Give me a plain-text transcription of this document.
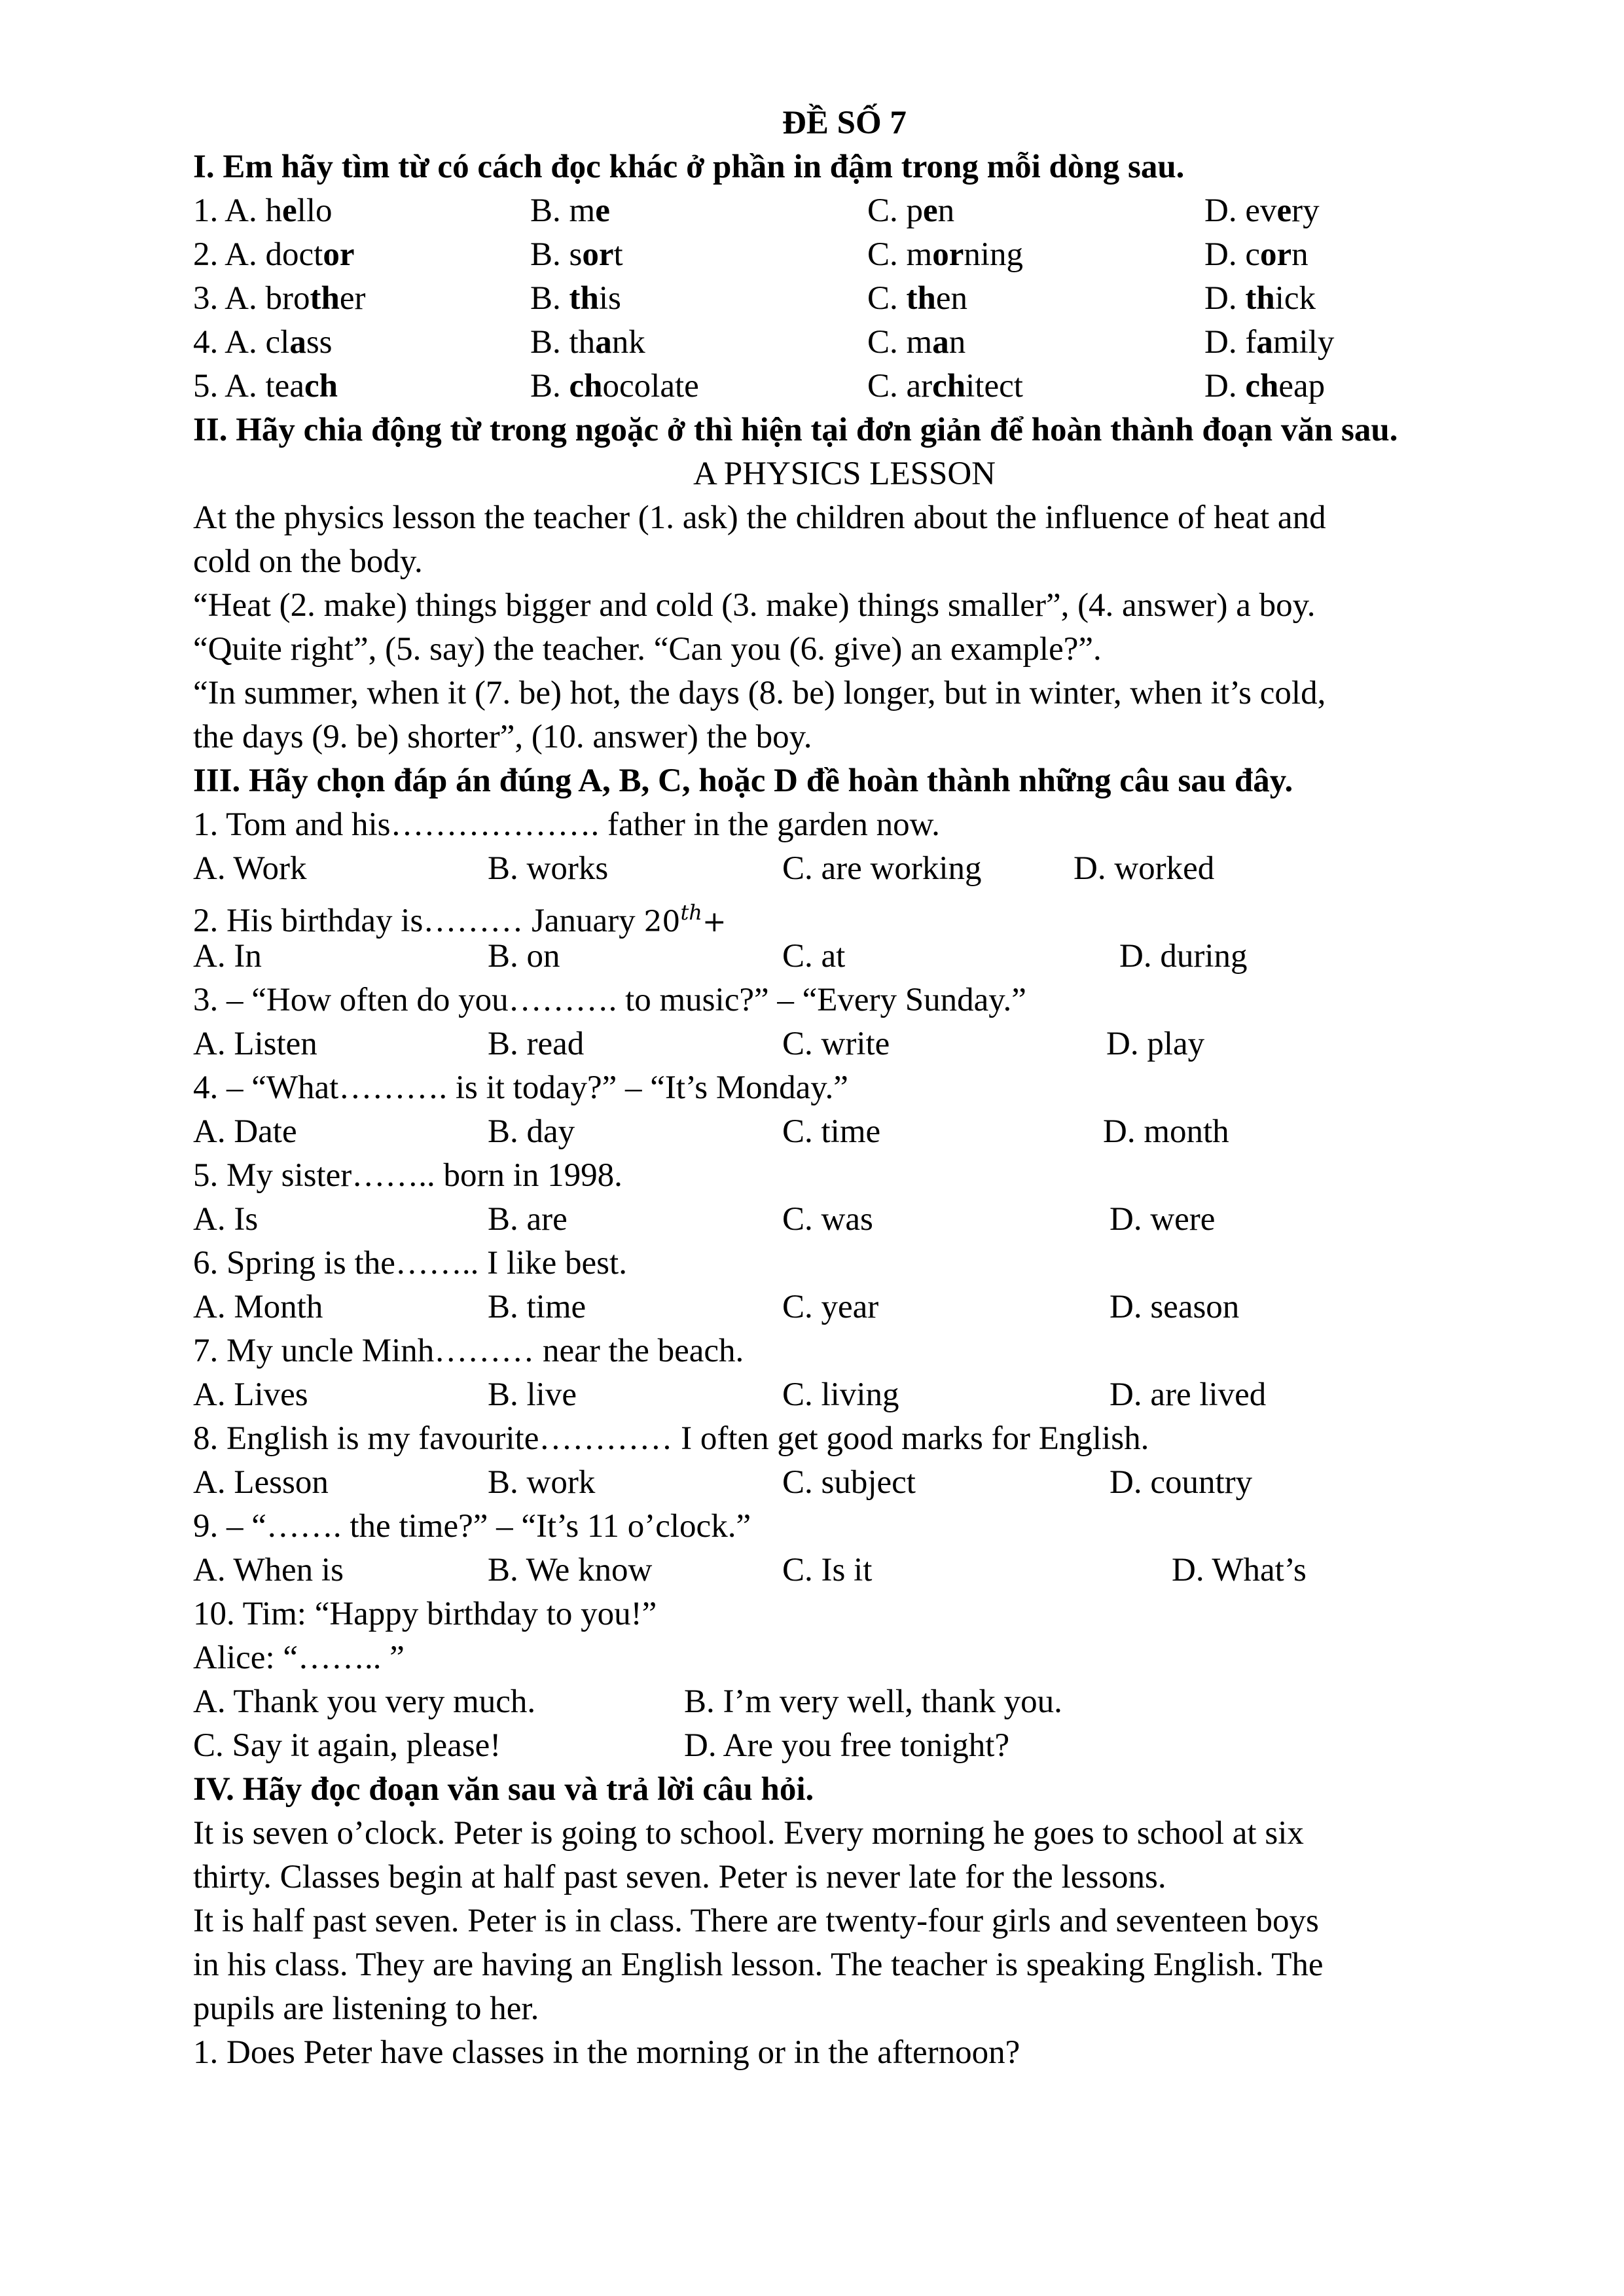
ĐỀ SỐ 7
I. Em hãy tìm từ có cách đọc khác ở phần in đậm trong mỗi dòng sau.
1. A. hello	B. me	C. pen	D. every
2. A. doctor	B. sort	C. morning	D. corn
3. A. brother	B. this	C. then	D. thick
4. A. class	B. thank	C. man	D. family
5. A. teach	B. chocolate	C. architect	D. cheap
II. Hãy chia động từ trong ngoặc ở thì hiện tại đơn giản để hoàn thành đoạn văn sau.
A PHYSICS LESSON
At the physics lesson the teacher (1. ask) the children about the influence of heat and
cold on the body.
“Heat (2. make) things bigger and cold (3. make) things smaller”, (4. answer) a boy.
“Quite right”, (5. say) the teacher. “Can you (6. give) an example?”.
“In summer, when it (7. be) hot, the days (8. be) longer, but in winter, when it’s cold,
the days (9. be) shorter”, (10. answer) the boy.
III. Hãy chọn đáp án đúng A, B, C, hoặc D đề hoàn thành những câu sau đây.
1. Tom and his………………. father in the garden now.
A. Work	B. works	C. are working	D. worked
2. His birthday is……… January 20th+
A. In	B. on	C. at	D. during
3. – “How often do you………. to music?” – “Every Sunday.”
A. Listen	B. read	C. write	D. play
4. – “What………. is it today?” – “It’s Monday.”
A. Date	B. day	C. time	D. month
5. My sister…….. born in 1998.
A. Is	B. are	C. was	D. were
6. Spring is the…….. I like best.
A. Month	B. time	C. year	D. season
7. My uncle Minh……… near the beach.
A. Lives	B. live	C. living	D. are lived
8. English is my favourite………… I often get good marks for English.
A. Lesson	B. work	C. subject	D. country
9. – “……. the time?” – “It’s 11 o’clock.”
A. When is	B. We know	C. Is it	D. What’s
10. Tim: “Happy birthday to you!”
Alice: “…….. ”
A. Thank you very much.	B. I’m very well, thank you.
C. Say it again, please!	D. Are you free tonight?
IV. Hãy đọc đoạn văn sau và trả lời câu hỏi.
It is seven o’clock. Peter is going to school. Every morning he goes to school at six
thirty. Classes begin at half past seven. Peter is never late for the lessons.
It is half past seven. Peter is in class. There are twenty-four girls and seventeen boys
in his class. They are having an English lesson. The teacher is speaking English. The
pupils are listening to her.
1. Does Peter have classes in the morning or in the afternoon?
